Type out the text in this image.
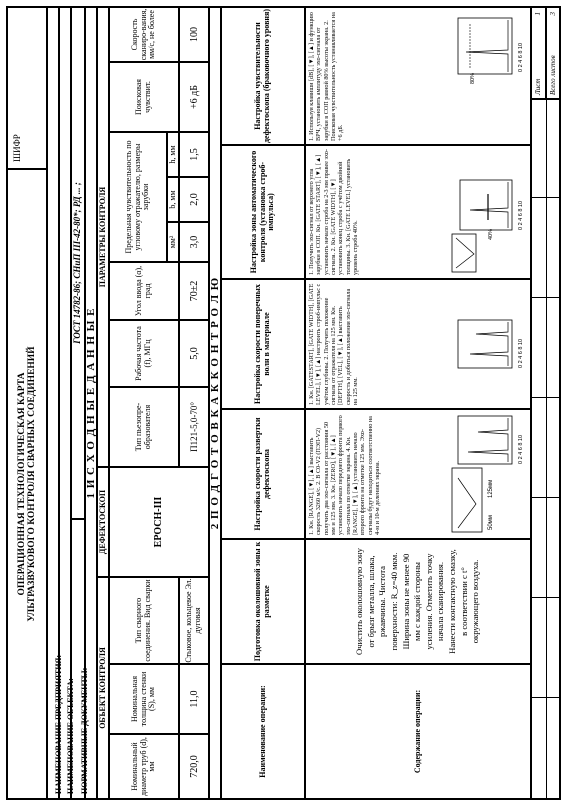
ОПЕРАЦИОННАЯ ТЕХНОЛОГИЧЕСКАЯ КАРТА УЛЬТРАЗВУКОВОГО КОНТРОЛЯ СВАРНЫХ СОЕДИНЕНИЙ
ШИФР
НАИМЕНОВАНИЕ ПРЕДПРИЯТИЯ: НАИМЕНОВАНИЕ ОБЪЕКТА: НОРМАТИВНЫЕ ДОКУМЕНТЫ:
ГОСТ 14782-86; СНиП III-42-80*; РД ... ;
1 И С Х О Д Н Ы Е Д А Н Н Ы Е
ОБЪЕКТ КОНТРОЛЯ
ДЕФЕКТОСКОП
ПАРАМЕТРЫ КОНТРОЛЯ
Номинальный диаметр труб (d), мм
Номинальная толщина стенки (S), мм
Тип сварного соединения. Вид сварки
ЕРОСН-III
Тип пьезопре-образователя
Рабочая частота (f), МГц
Угол ввода (α), град
Предельная чувствительность по угловому отражателю, размеры зарубки
мм²
b, мм
h, мм
Поисковая чувствит.
Скорость сканиро-вания, мм/с, не более
720,0
11,0
Стыковое, кольцевое Эл. дуговая
П121-5,0-70°
5,0
70±2
3,0
2,0
1,5
+6 дБ
100
2 П О Д Г О Т О В К А К К О Н Т Р О Л Ю
Наименование операции:
Подготовка околошовной зоны к разметке
Настройка скорости развертки дефектоскопа
Настройка скорости поперечных волн в материале
Настройка зоны автоматического контроля (установка строб-импульса)
Настройка чувствительности дефектоскопа (браковочного уровня)
Содержание операции:
Очистить околошовную зону от брызг металла, шлака, ржавчины. Чистота поверхности: R_z=40 мкм. Ширина зоны не менее 90 мм с каждой стороны усиления. Отметить точку начала сканирования. Нанести контактную смазку, в соответствии с t° окружающего воздуха.
1. Кн. [RANGE], [▼], [▲] выставить скорость 3260 м/с. 2. В C0-V2 (ПЭП-V2) получить два эхо-сигнала от расстояния 50 мм и 125 мм. 3. Кн. [ZERO], [▼], [▲] установить начало переднего фронта первого эхо-сигнала по отметке экрана. 4. Кн. [RANGE], [▼], [▲] установить начало второго фронта на отметке 125 мм. Эхо-сигналы будут находиться соответственно на 4-м и 10-м делениях экрана.	50мм
125мм
0 2 4 6 8 10
1. Кн. [GATESTART], [GATE WIDTH], [GATE LEVEL], [▼], [▲] настроить строб-импульс с учётом глубины. 2. Получить положение сигнала от отражателя на 125 мм. Кн. [DEPTH], [VEL], [▼], [▲] выставить скорость и добиться положения эхо-сигнала на 125 мм.
0 2 4 6 8 10
1. Получить эхо-сигнал от верхнего угла зарубки в СОП. Кн. [GATE START], [▼], [▲] установить начало строба на 2-3 мм правее эхо-сигнала. 2. Кн. [GATE WIDTH], [▼] установить конец строба с учётом двойной толщины. 3. Кн. [GATE LEVEL] установить уровень строба 40%.	40%
0 2 4 6 8 10
1. Используя клавиши [dB], [▼], [▲] и функцию ВРЧ, установить амплитуду эхо-сигнала от зарубки в СОП равной 80% высоты экрана. 2. Поисковая чувствительность устанавливается на +6 дБ.
80%
0 2 4 6 8 10
Лист
1
Всего листов
3
